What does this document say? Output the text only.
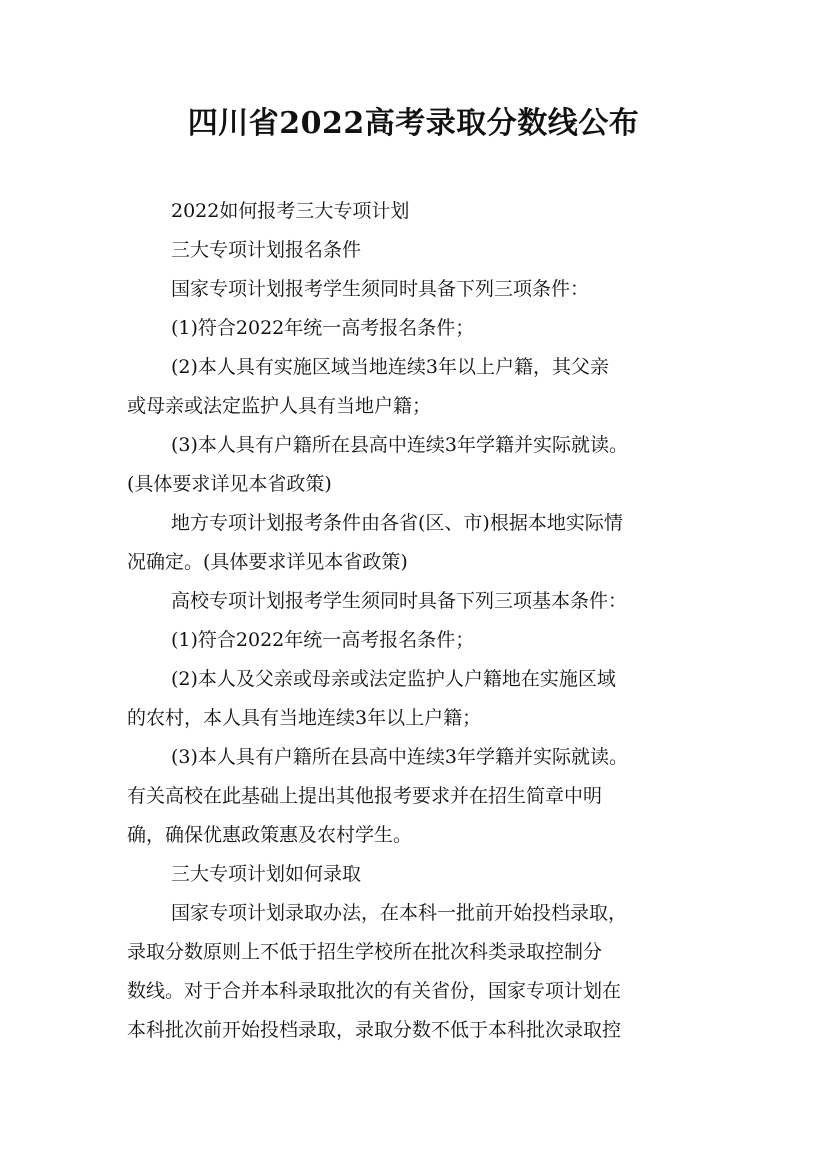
四川省2022高考录取分数线公布
2022如何报考三大专项计划
三大专项计划报名条件
国家专项计划报考学生须同时具备下列三项条件：
(1)符合2022年统一高考报名条件；
(2)本人具有实施区域当地连续3年以上户籍，其父亲
或母亲或法定监护人具有当地户籍；
(3)本人具有户籍所在县高中连续3年学籍并实际就读。
(具体要求详见本省政策)
地方专项计划报考条件由各省(区、市)根据本地实际情
况确定。(具体要求详见本省政策)
高校专项计划报考学生须同时具备下列三项基本条件：
(1)符合2022年统一高考报名条件；
(2)本人及父亲或母亲或法定监护人户籍地在实施区域
的农村，本人具有当地连续3年以上户籍；
(3)本人具有户籍所在县高中连续3年学籍并实际就读。
有关高校在此基础上提出其他报考要求并在招生简章中明
确，确保优惠政策惠及农村学生。
三大专项计划如何录取
国家专项计划录取办法，在本科一批前开始投档录取，
录取分数原则上不低于招生学校所在批次科类录取控制分
数线。对于合并本科录取批次的有关省份，国家专项计划在
本科批次前开始投档录取，录取分数不低于本科批次录取控
